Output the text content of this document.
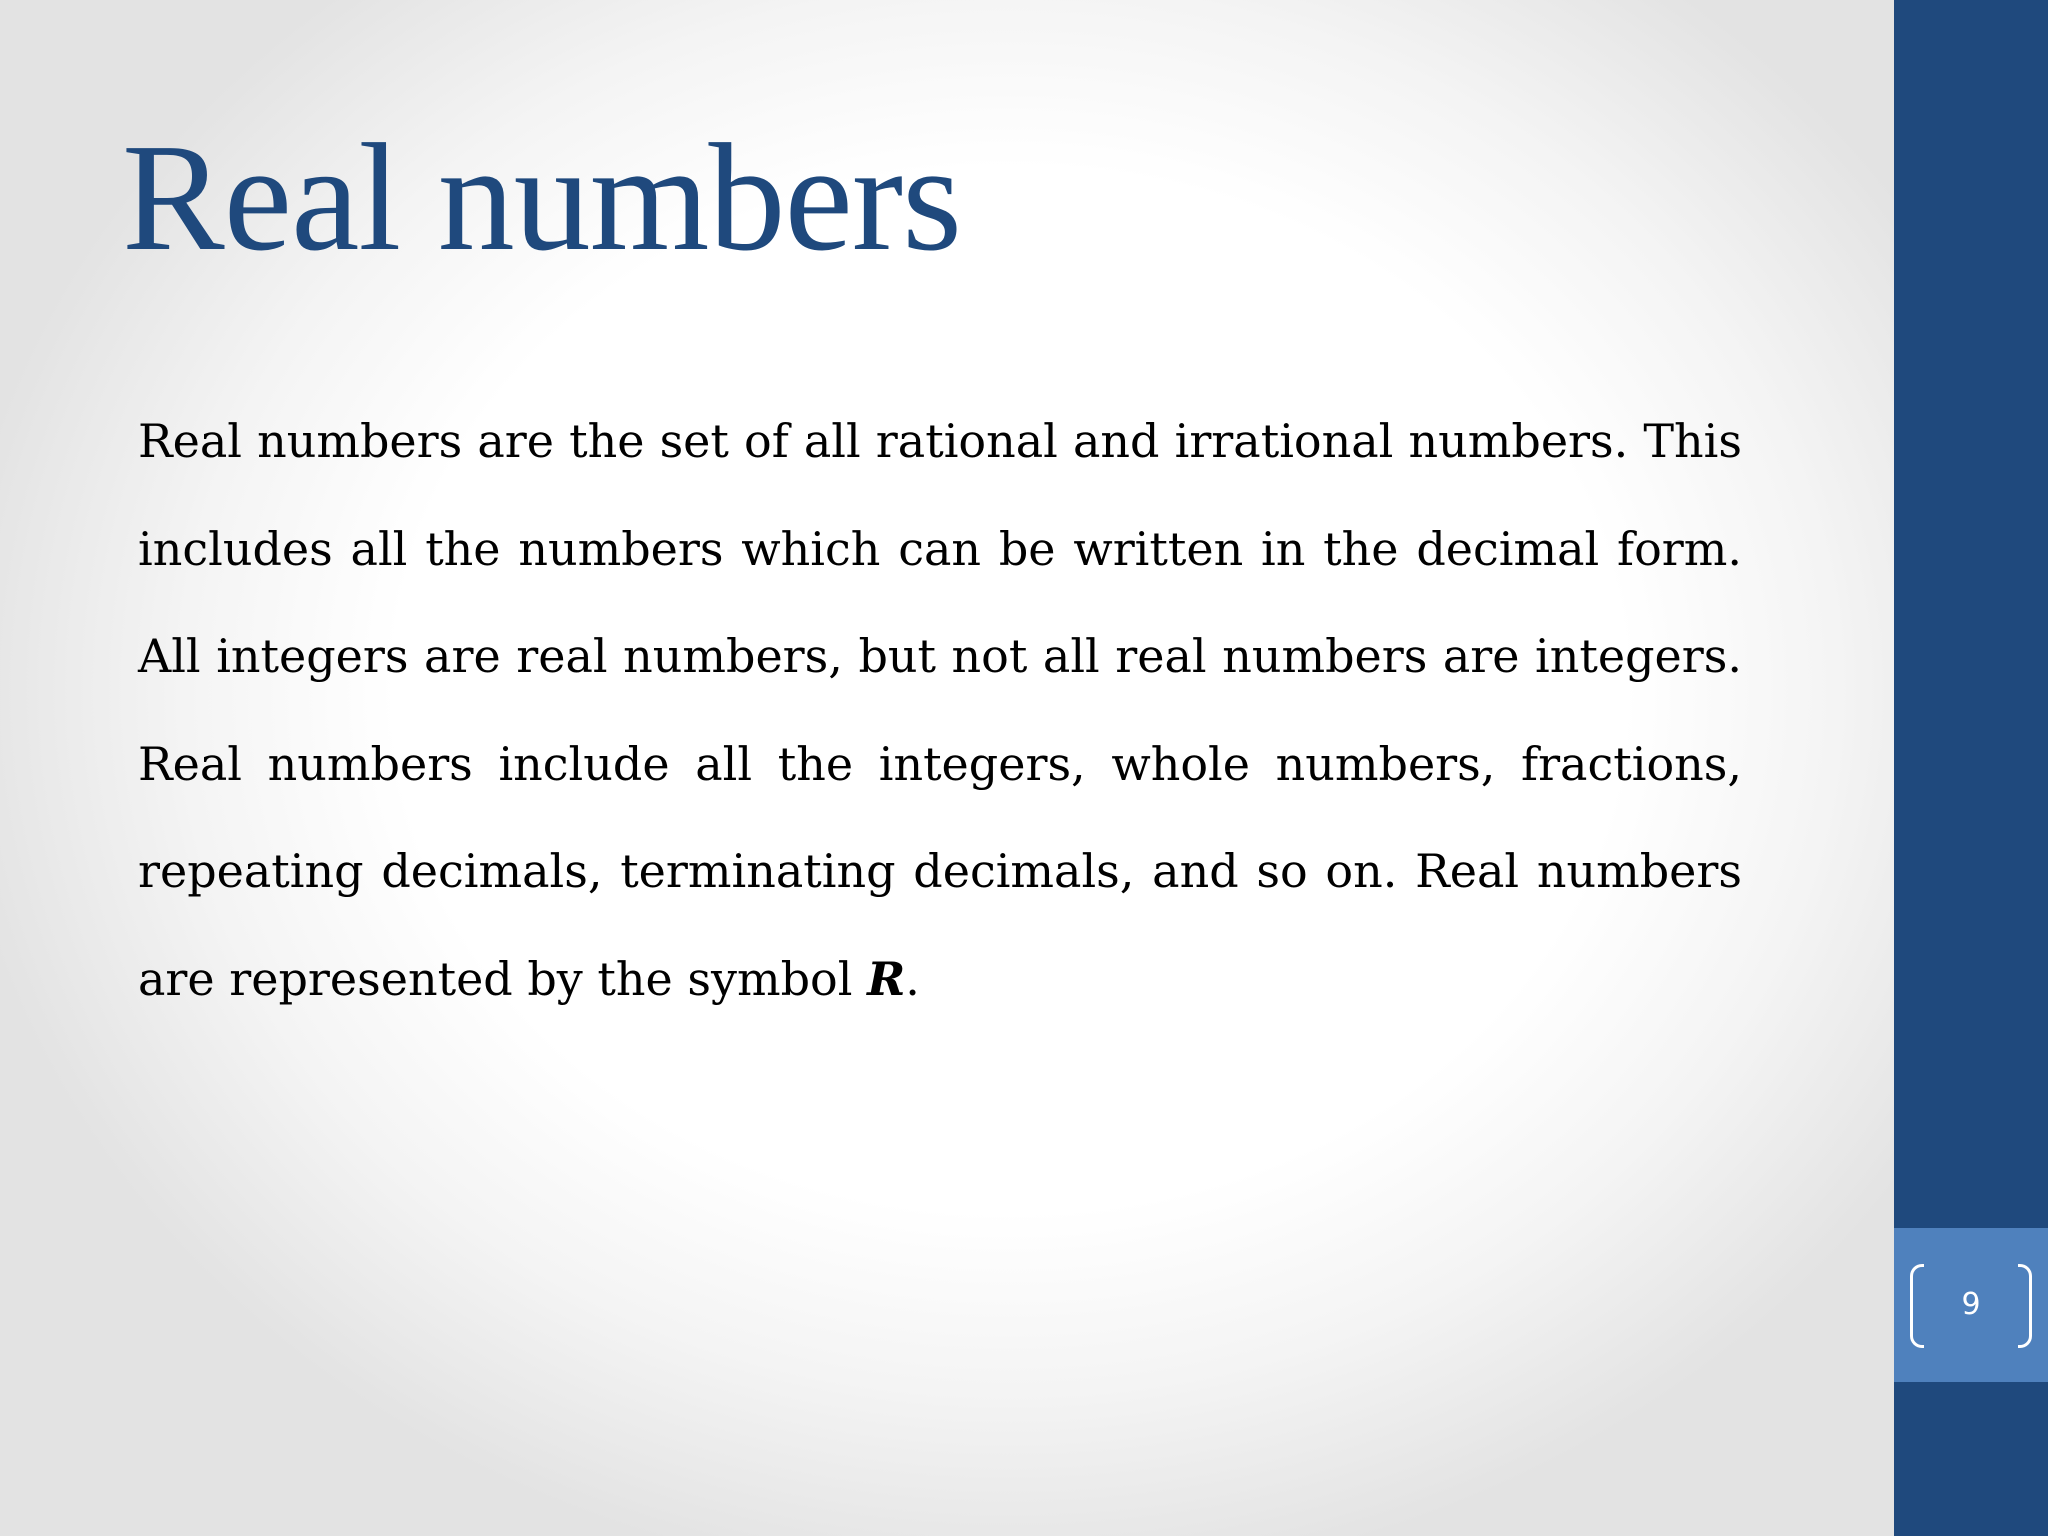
Real numbers

Real numbers are the set of all rational and irrational numbers. This includes all the numbers which can be written in the decimal form. All integers are real numbers, but not all real numbers are integers. Real numbers include all the integers, whole numbers, fractions, repeating decimals, terminating decimals, and so on. Real numbers are represented by the symbol R.

9
